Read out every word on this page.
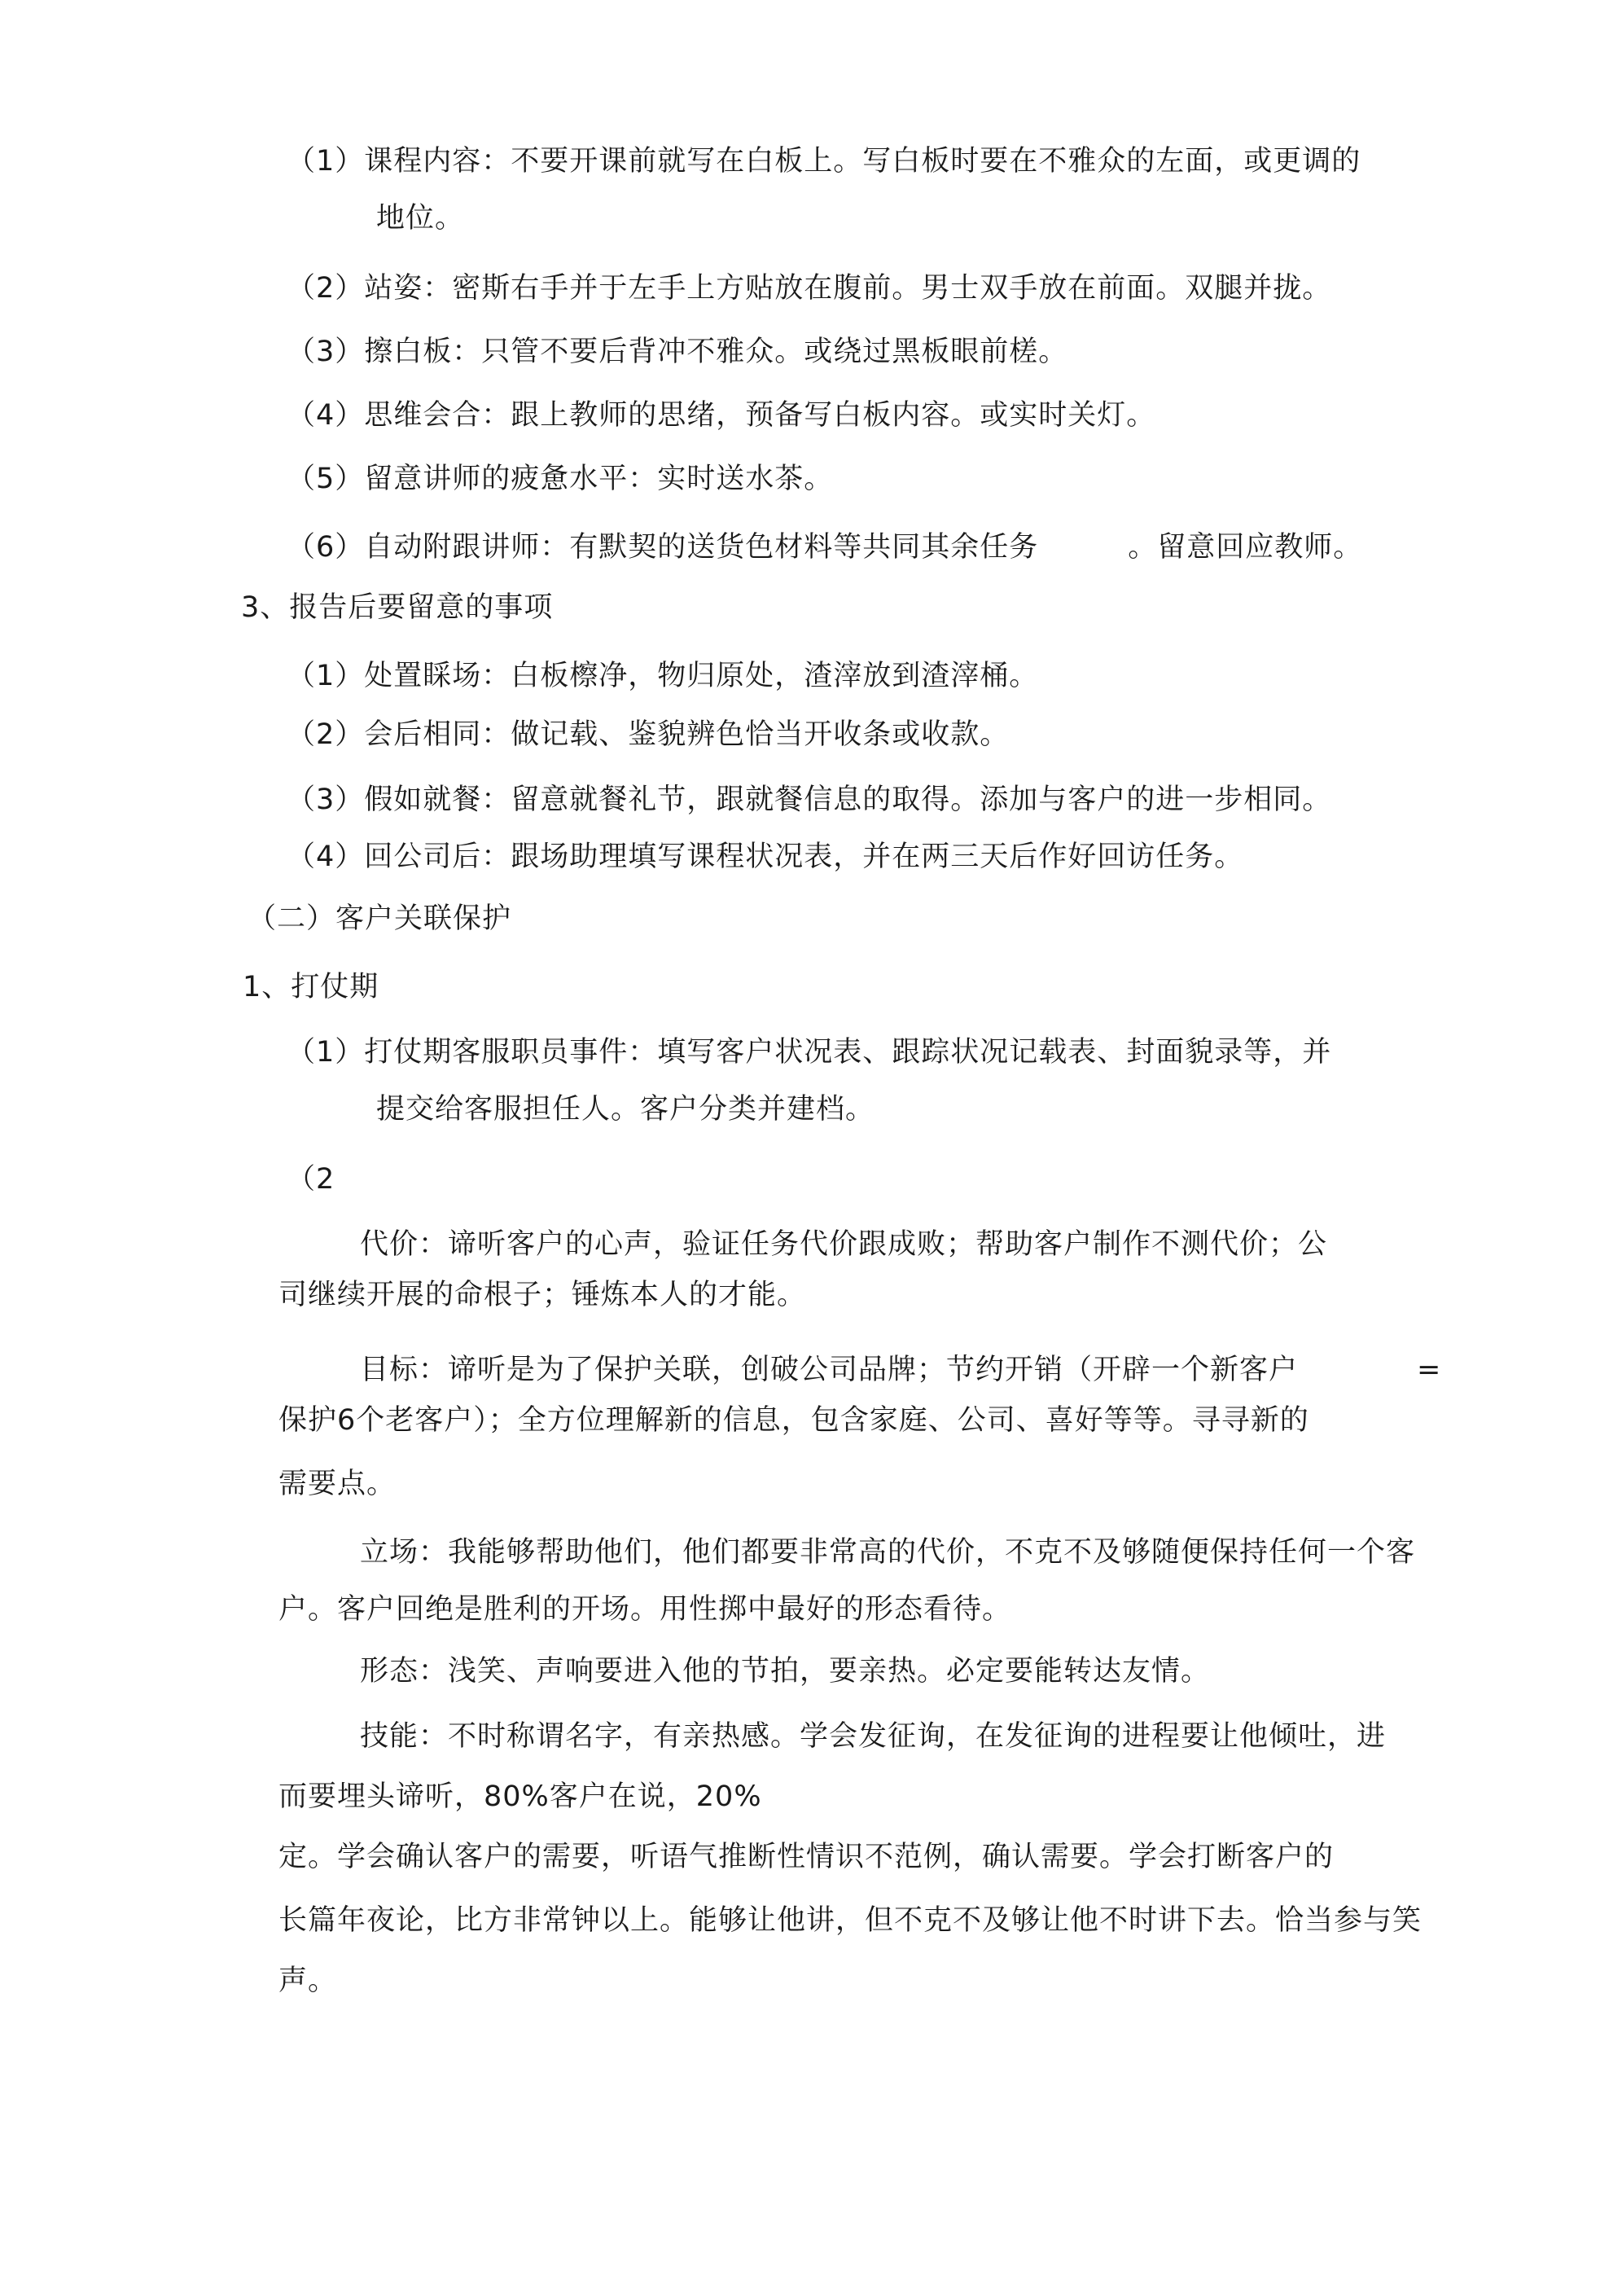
（1）课程内容：不要开课前就写在白板上。写白板时要在不雅众的左面，或更调的
地位。
（2）站姿：密斯右手并于左手上方贴放在腹前。男士双手放在前面。双腿并拢。
（3）擦白板：只管不要后背冲不雅众。或绕过黑板眼前槎。
（4）思维会合：跟上教师的思绪，预备写白板内容。或实时关灯。
（5）留意讲师的疲惫水平：实时送水茶。
（6）自动附跟讲师：有默契的送货色材料等共同其余任务	。留意回应教师。
3、报告后要留意的事项
（1）处置睬场：白板檫净，物归原处，渣滓放到渣滓桶。
（2）会后相同：做记载、鉴貌辨色恰当开收条或收款。
（3）假如就餐：留意就餐礼节，跟就餐信息的取得。添加与客户的进一步相同。
（4）回公司后：跟场助理填写课程状况表，并在两三天后作好回访任务。
（二）客户关联保护
1、打仗期
（1）打仗期客服职员事件：填写客户状况表、跟踪状况记载表、封面貌录等，并
提交给客服担任人。客户分类并建档。
（2
代价：谛听客户的心声，验证任务代价跟成败；帮助客户制作不测代价；公
司继续开展的命根子；锤炼本人的才能。
目标：谛听是为了保护关联，创破公司品牌；节约开销（开辟一个新客户	=
保护6个老客户）；全方位理解新的信息，包含家庭、公司、喜好等等。寻寻新的
需要点。
立场：我能够帮助他们，他们都要非常高的代价，不克不及够随便保持任何一个客
户。客户回绝是胜利的开场。用性掷中最好的形态看待。
形态：浅笑、声响要进入他的节拍，要亲热。必定要能转达友情。
技能：不时称谓名字，有亲热感。学会发征询，在发征询的进程要让他倾吐，进
而要埋头谛听，80%客户在说，20%
定。学会确认客户的需要，听语气推断性情识不范例，确认需要。学会打断客户的
长篇年夜论，比方非常钟以上。能够让他讲，但不克不及够让他不时讲下去。恰当参与笑
声。
